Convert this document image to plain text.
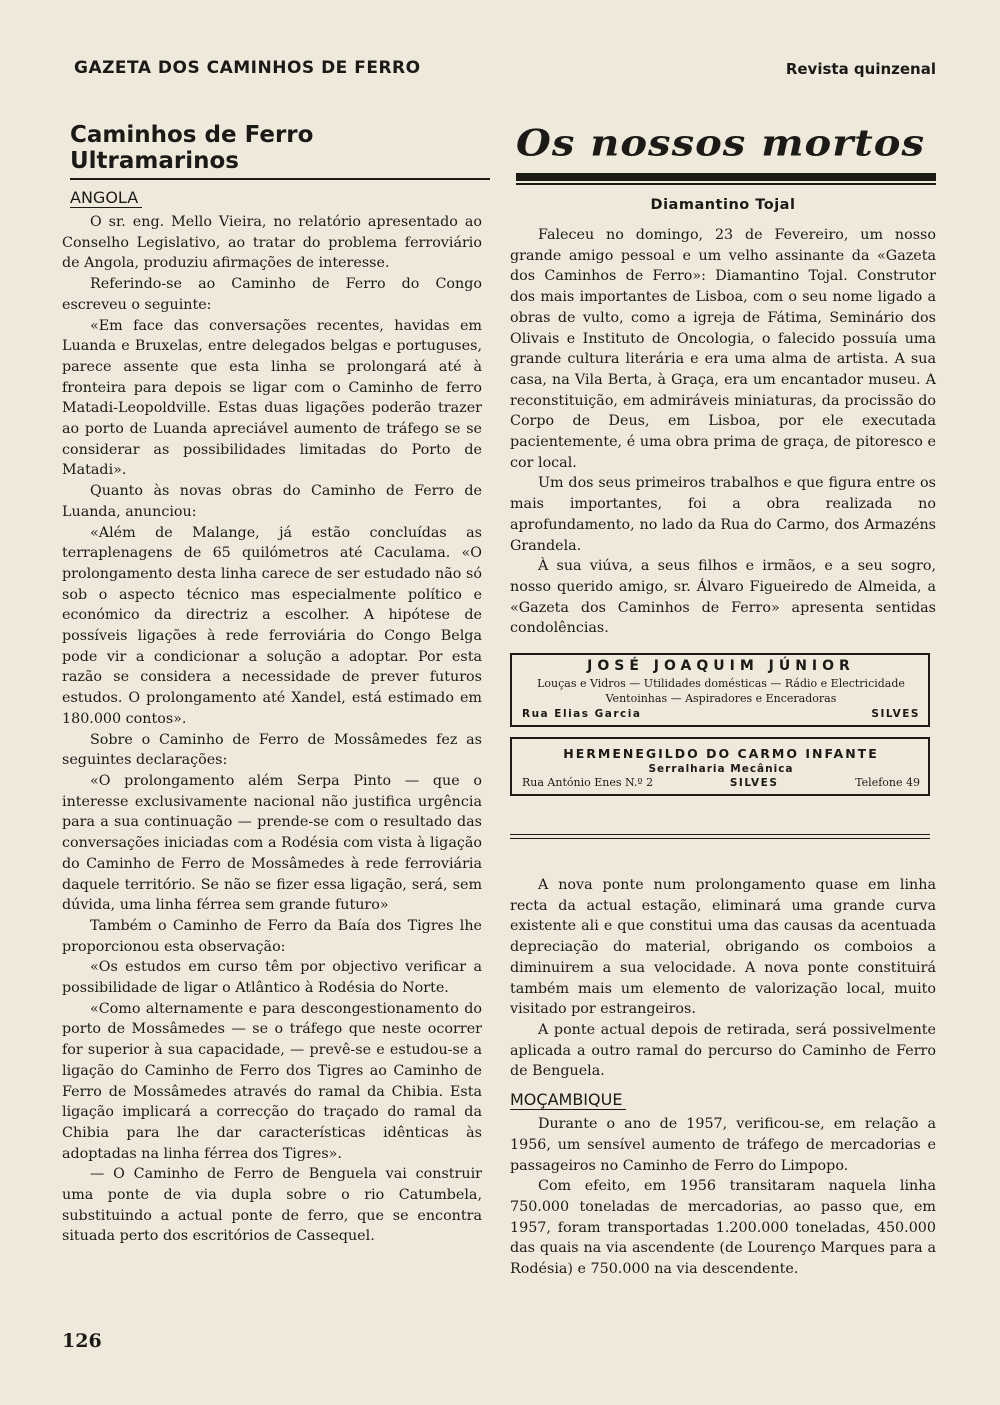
GAZETA DOS CAMINHOS DE FERRO	Revista quinzenal
Caminhos de Ferro Ultramarinos
ANGOLA

O sr. eng. Mello Vieira, no relatório apresentado ao Conselho Legislativo, ao tratar do problema ferroviário de Angola, produziu afirmações de interesse.

Referindo-se ao Caminho de Ferro do Congo escreveu o seguinte:

«Em face das conversações recentes, havidas em Luanda e Bruxelas, entre delegados belgas e portuguses, parece assente que esta linha se prolongará até à fronteira para depois se ligar com o Caminho de ferro Matadi-Leopoldville. Estas duas ligações poderão trazer ao porto de Luanda apreciável aumento de tráfego se se considerar as possibilidades limitadas do Porto de Matadi».

Quanto às novas obras do Caminho de Ferro de Luanda, anunciou:

«Além de Malange, já estão concluídas as terraplenagens de 65 quilómetros até Caculama. «O prolongamento desta linha carece de ser estudado não só sob o aspecto técnico mas especialmente político e económico da directriz a escolher. A hipótese de possíveis ligações à rede ferroviária do Congo Belga pode vir a condicionar a solução a adoptar. Por esta razão se considera a necessidade de prever futuros estudos. O prolongamento até Xandel, está estimado em 180.000 contos».

Sobre o Caminho de Ferro de Mossâmedes fez as seguintes declarações:

«O prolongamento além Serpa Pinto — que o interesse exclusivamente nacional não justifica urgência para a sua continuação — prende-se com o resultado das conversações iniciadas com a Rodésia com vista à ligação do Caminho de Ferro de Mossâmedes à rede ferroviária daquele território. Se não se fizer essa ligação, será, sem dúvida, uma linha férrea sem grande futuro»

Também o Caminho de Ferro da Baía dos Tigres lhe proporcionou esta observação:

«Os estudos em curso têm por objectivo verificar a possibilidade de ligar o Atlântico à Rodésia do Norte.

«Como alternamente e para descongestionamento do porto de Mossâmedes — se o tráfego que neste ocorrer for superior à sua capacidade, — prevê-se e estudou-se a ligação do Caminho de Ferro dos Tigres ao Caminho de Ferro de Mossâmedes através do ramal da Chibia. Esta ligação implicará a correcção do traçado do ramal da Chibia para lhe dar características idênticas às adoptadas na linha férrea dos Tigres».

— O Caminho de Ferro de Benguela vai construir uma ponte de via dupla sobre o rio Catumbela, substituindo a actual ponte de ferro, que se encontra situada perto dos escritórios de Cassequel.

Os nossos mortos
Diamantino Tojal

Faleceu no domingo, 23 de Fevereiro, um nosso grande amigo pessoal e um velho assinante da «Gazeta dos Caminhos de Ferro»: Diamantino Tojal. Construtor dos mais importantes de Lisboa, com o seu nome ligado a obras de vulto, como a igreja de Fátima, Seminário dos Olivais e Instituto de Oncologia, o falecido possuía uma grande cultura literária e era uma alma de artista. A sua casa, na Vila Berta, à Graça, era um encantador museu. A reconstituição, em admiráveis miniaturas, da procissão do Corpo de Deus, em Lisboa, por ele executada pacientemente, é uma obra prima de graça, de pitoresco e cor local.

Um dos seus primeiros trabalhos e que figura entre os mais importantes, foi a obra realizada no aprofundamento, no lado da Rua do Carmo, dos Armazéns Grandela.

À sua viúva, a seus filhos e irmãos, e a seu sogro, nosso querido amigo, sr. Álvaro Figueiredo de Almeida, a «Gazeta dos Caminhos de Ferro» apresenta sentidas condolências.

JOSÉ JOAQUIM JÚNIOR
Louças e Vidros — Utilidades domésticas — Rádio e Electricidade
Ventoinhas — Aspiradores e Enceradoras
Rua Elias Garcia	SILVES
HERMENEGILDO DO CARMO INFANTE
Serralharia Mecânica
Rua António Enes N.º 2	SILVES	Telefone 49

A nova ponte num prolongamento quase em linha recta da actual estação, eliminará uma grande curva existente ali e que constitui uma das causas da acentuada depreciação do material, obrigando os comboios a diminuirem a sua velocidade. A nova ponte constituirá também mais um elemento de valorização local, muito visitado por estrangeiros.

A ponte actual depois de retirada, será possivelmente aplicada a outro ramal do percurso do Caminho de Ferro de Benguela.

MOÇAMBIQUE

Durante o ano de 1957, verificou-se, em relação a 1956, um sensível aumento de tráfego de mercadorias e passageiros no Caminho de Ferro do Limpopo.

Com efeito, em 1956 transitaram naquela linha 750.000 toneladas de mercadorias, ao passo que, em 1957, foram transportadas 1.200.000 toneladas, 450.000 das quais na via ascendente (de Lourenço Marques para a Rodésia) e 750.000 na via descendente.

126
